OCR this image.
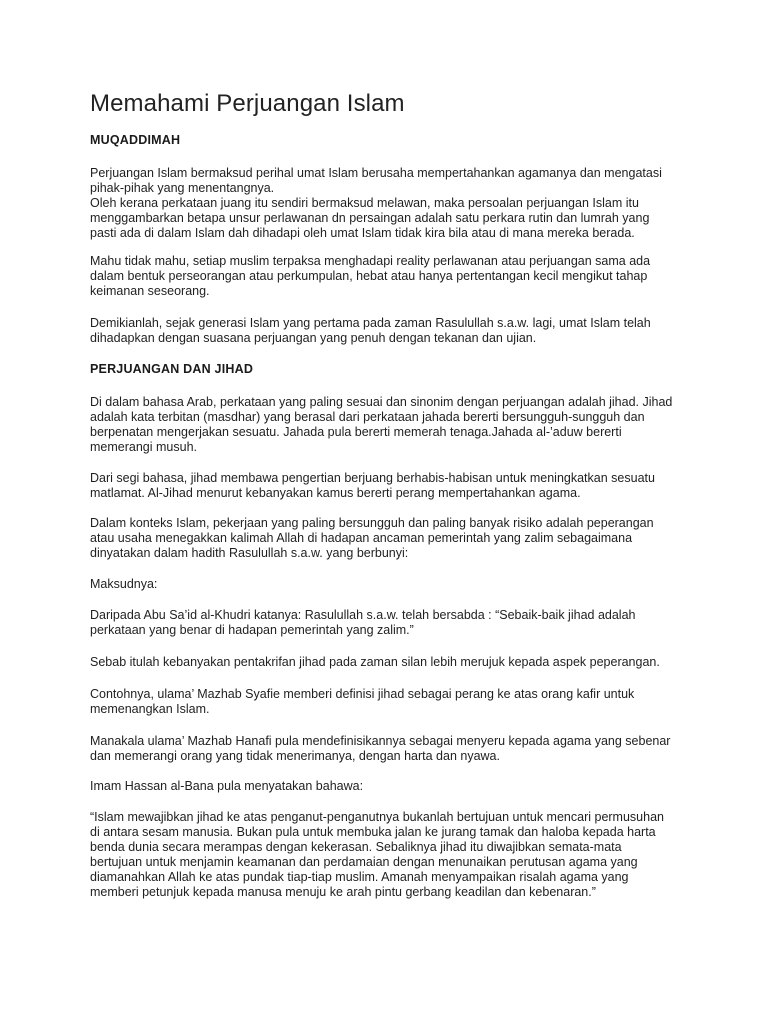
Memahami Perjuangan Islam
MUQADDIMAH

Perjuangan Islam bermaksud perihal umat Islam berusaha mempertahankan agamanya dan mengatasi
pihak-pihak yang menentangnya.
Oleh kerana perkataan juang itu sendiri bermaksud melawan, maka persoalan perjuangan Islam itu
menggambarkan betapa unsur perlawanan dn persaingan adalah satu perkara rutin dan lumrah yang
pasti ada di dalam Islam dah dihadapi oleh umat Islam tidak kira bila atau di mana mereka berada.

Mahu tidak mahu, setiap muslim terpaksa menghadapi reality perlawanan atau perjuangan sama ada
dalam bentuk perseorangan atau perkumpulan, hebat atau hanya pertentangan kecil mengikut tahap
keimanan seseorang.

Demikianlah, sejak generasi Islam yang pertama pada zaman Rasulullah s.a.w. lagi, umat Islam telah
dihadapkan dengan suasana perjuangan yang penuh dengan tekanan dan ujian.

PERJUANGAN DAN JIHAD

Di dalam bahasa Arab, perkataan yang paling sesuai dan sinonim dengan perjuangan adalah jihad. Jihad
adalah kata terbitan (masdhar) yang berasal dari perkataan jahada bererti bersungguh-sungguh dan
berpenatan mengerjakan sesuatu. Jahada pula bererti memerah tenaga.Jahada al-’aduw bererti
memerangi musuh.

Dari segi bahasa, jihad membawa pengertian berjuang berhabis-habisan untuk meningkatkan sesuatu
matlamat. Al-Jihad menurut kebanyakan kamus bererti perang mempertahankan agama.

Dalam konteks Islam, pekerjaan yang paling bersungguh dan paling banyak risiko adalah peperangan
atau usaha menegakkan kalimah Allah di hadapan ancaman pemerintah yang zalim sebagaimana
dinyatakan dalam hadith Rasulullah s.a.w. yang berbunyi:

Maksudnya:

Daripada Abu Sa’id al-Khudri katanya: Rasulullah s.a.w. telah bersabda : “Sebaik-baik jihad adalah
perkataan yang benar di hadapan pemerintah yang zalim.”

Sebab itulah kebanyakan pentakrifan jihad pada zaman silan lebih merujuk kepada aspek peperangan.

Contohnya, ulama’ Mazhab Syafie memberi definisi jihad sebagai perang ke atas orang kafir untuk
memenangkan Islam.

Manakala ulama’ Mazhab Hanafi pula mendefinisikannya sebagai menyeru kepada agama yang sebenar
dan memerangi orang yang tidak menerimanya, dengan harta dan nyawa.

Imam Hassan al-Bana pula menyatakan bahawa:

“Islam mewajibkan jihad ke atas penganut-penganutnya bukanlah bertujuan untuk mencari permusuhan
di antara sesam manusia. Bukan pula untuk membuka jalan ke jurang tamak dan haloba kepada harta
benda dunia secara merampas dengan kekerasan. Sebaliknya jihad itu diwajibkan semata-mata
bertujuan untuk menjamin keamanan dan perdamaian dengan menunaikan perutusan agama yang
diamanahkan Allah ke atas pundak tiap-tiap muslim. Amanah menyampaikan risalah agama yang
memberi petunjuk kepada manusa menuju ke arah pintu gerbang keadilan dan kebenaran.”
